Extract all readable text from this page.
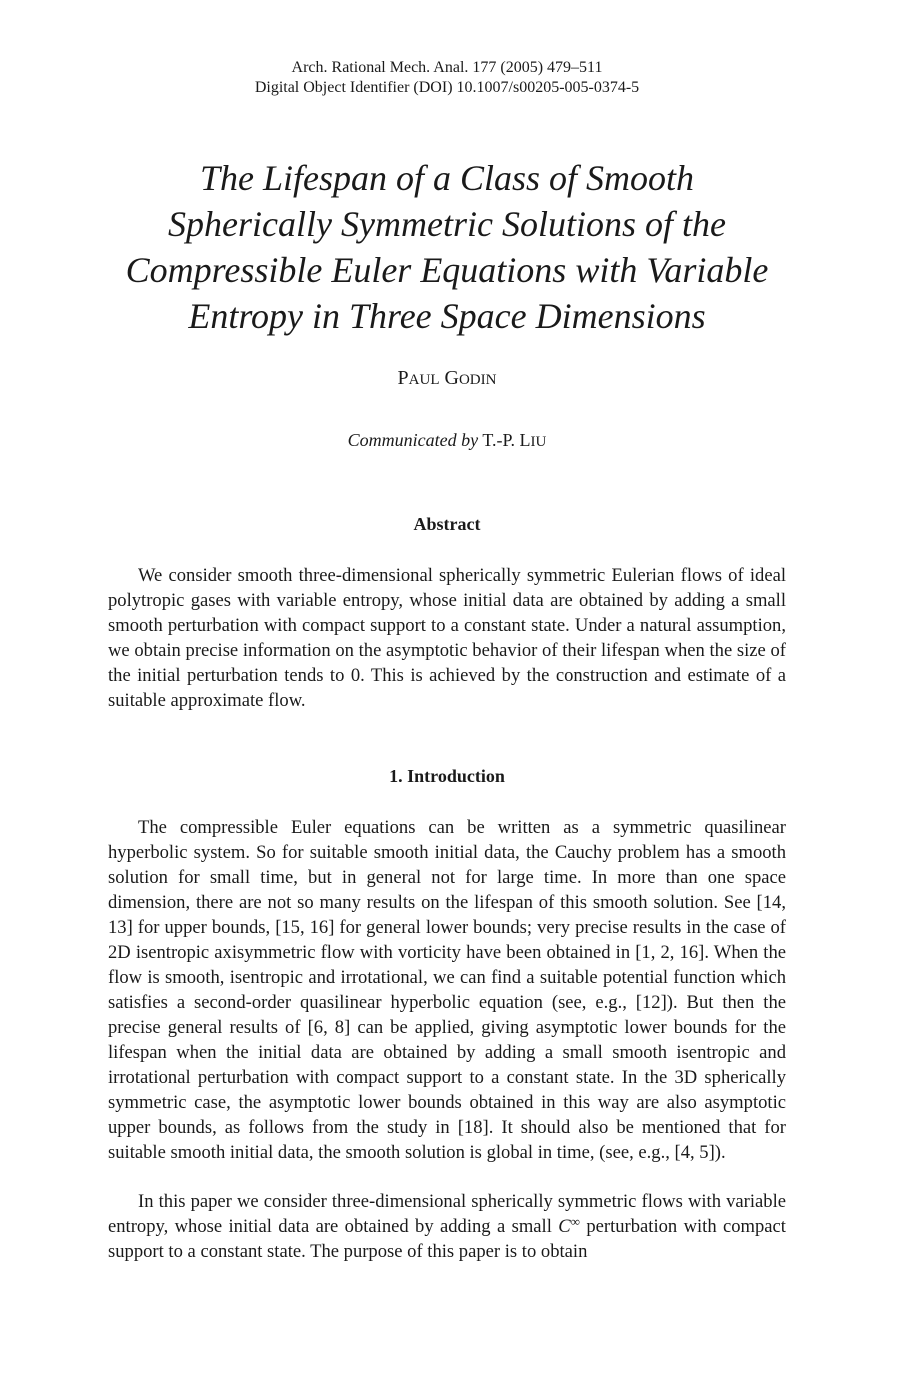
Arch. Rational Mech. Anal. 177 (2005) 479–511
Digital Object Identifier (DOI) 10.1007/s00205-005-0374-5
The Lifespan of a Class of Smooth
Spherically Symmetric Solutions of the
Compressible Euler Equations with Variable
Entropy in Three Space Dimensions
PAUL GODIN
Communicated by T.-P. LIU
Abstract

We consider smooth three-dimensional spherically symmetric Eulerian flows of ideal polytropic gases with variable entropy, whose initial data are obtained by adding a small smooth perturbation with compact support to a constant state. Under a natural assumption, we obtain precise information on the asymptotic behavior of their lifespan when the size of the initial perturbation tends to 0. This is achieved by the construction and estimate of a suitable approximate flow.

1. Introduction

The compressible Euler equations can be written as a symmetric quasilinear hyperbolic system. So for suitable smooth initial data, the Cauchy problem has a smooth solution for small time, but in general not for large time. In more than one space dimension, there are not so many results on the lifespan of this smooth solution. See [14, 13] for upper bounds, [15, 16] for general lower bounds; very precise results in the case of 2D isentropic axisymmetric flow with vorticity have been obtained in [1, 2, 16]. When the flow is smooth, isentropic and irrotational, we can find a suitable potential function which satisfies a second-order quasilinear hyperbolic equation (see, e.g., [12]). But then the precise general results of [6, 8] can be applied, giving asymptotic lower bounds for the lifespan when the initial data are obtained by adding a small smooth isentropic and irrotational perturbation with compact support to a constant state. In the 3D spherically symmetric case, the asymptotic lower bounds obtained in this way are also asymptotic upper bounds, as follows from the study in [18]. It should also be mentioned that for suitable smooth initial data, the smooth solution is global in time, (see, e.g., [4, 5]).

In this paper we consider three-dimensional spherically symmetric flows with variable entropy, whose initial data are obtained by adding a small C∞ perturbation with compact support to a constant state. The purpose of this paper is to obtain
